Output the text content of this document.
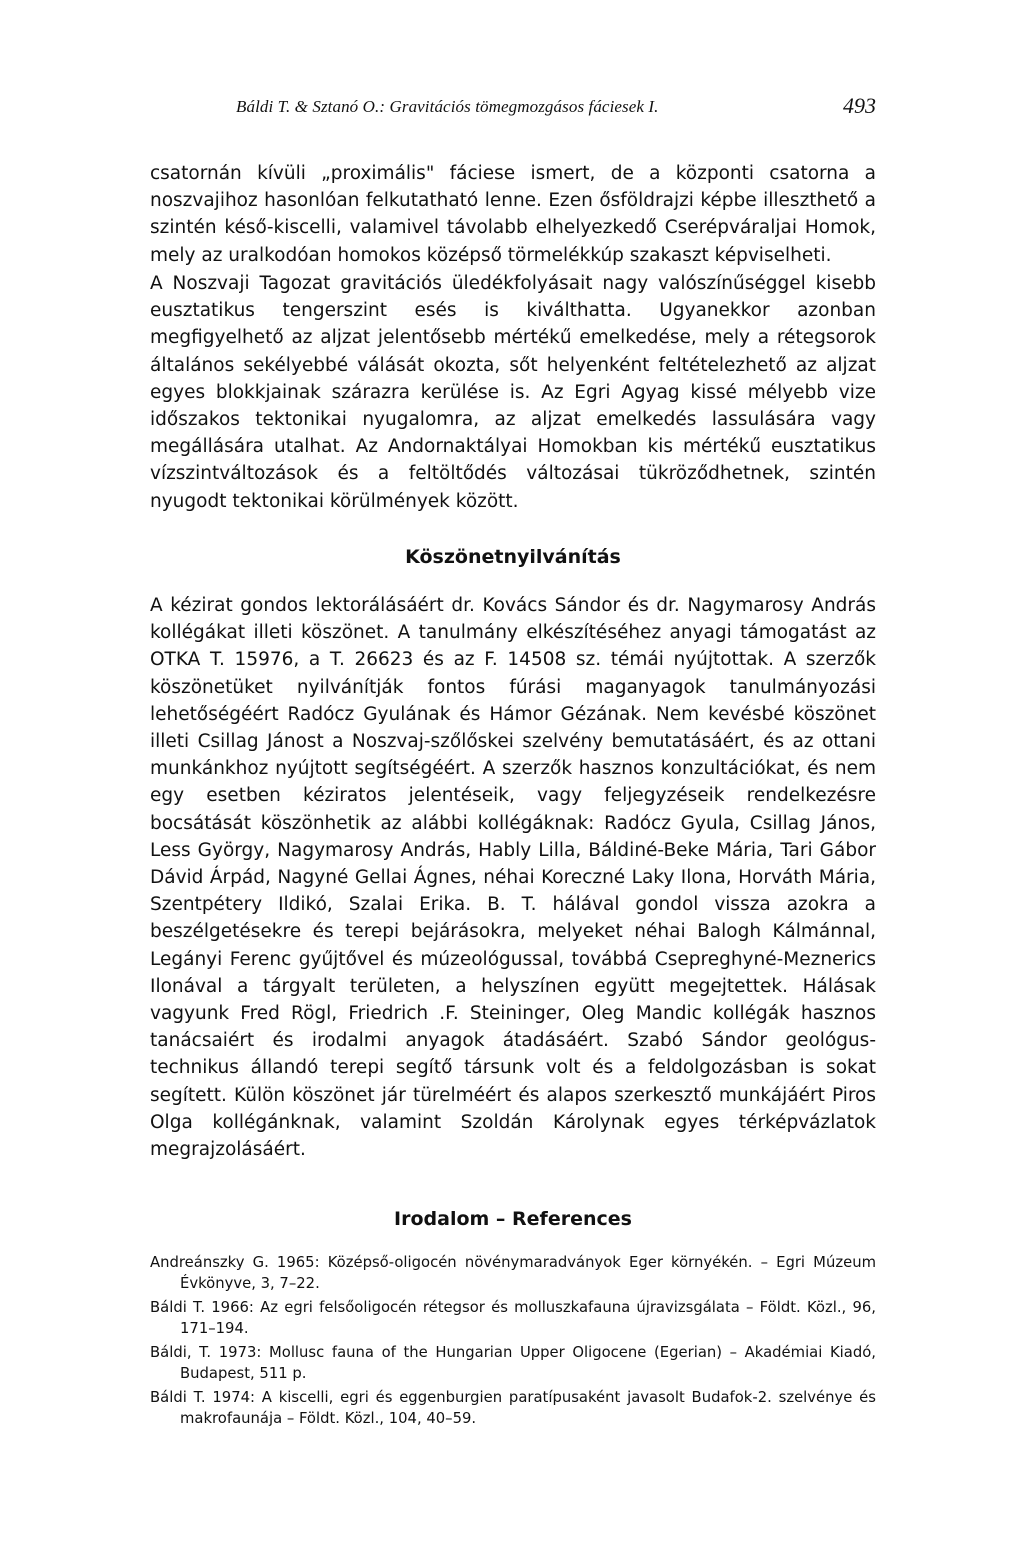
Báldi T. & Sztanó O.: Gravitációs tömegmozgásos fáciesek I.	493

csatornán kívüli „proximális" fáciese ismert, de a központi csatorna a noszvajihoz hasonlóan felkutatható lenne. Ezen ősföldrajzi képbe illeszthető a szintén késő-kiscelli, valamivel távolabb elhelyezkedő Cserépváraljai Homok, mely az uralkodóan homokos középső törmelékkúp szakaszt képviselheti.

A Noszvaji Tagozat gravitációs üledékfolyásait nagy valószínűséggel kisebb eusztatikus tengerszint esés is kiválthatta. Ugyanekkor azonban megfigyelhető az aljzat jelentősebb mértékű emelkedése, mely a rétegsorok általános sekélyebbé válását okozta, sőt helyenként feltételezhető az aljzat egyes blokkjainak szárazra kerülése is. Az Egri Agyag kissé mélyebb vize időszakos tektonikai nyugalomra, az aljzat emelkedés lassulására vagy megállására utalhat. Az Andornaktályai Homokban kis mértékű eusztatikus vízszintváltozások és a feltöltődés változásai tükröződhetnek, szintén nyugodt tektonikai körülmények között.

Köszönetnyilvánítás

A kézirat gondos lektorálásáért dr. Kovács Sándor és dr. Nagymarosy András kollégákat illeti köszönet. A tanulmány elkészítéséhez anyagi támogatást az OTKA T. 15976, a T. 26623 és az F. 14508 sz. témái nyújtottak. A szerzők köszönetüket nyilvánítják fontos fúrási maganyagok tanulmányozási lehetőségéért Radócz Gyulának és Hámor Gézának. Nem kevésbé köszönet illeti Csillag Jánost a Noszvaj-szőlőskei szelvény bemutatásáért, és az ottani munkánkhoz nyújtott segítségéért. A szerzők hasznos konzultációkat, és nem egy esetben kéziratos jelentéseik, vagy feljegyzéseik rendelkezésre bocsátását köszönhetik az alábbi kollégáknak: Radócz Gyula, Csillag János, Less György, Nagymarosy András, Hably Lilla, Báldiné-Beke Mária, Tari Gábor Dávid Árpád, Nagyné Gellai Ágnes, néhai Koreczné Laky Ilona, Horváth Mária, Szentpétery Ildikó, Szalai Erika. B. T. hálával gondol vissza azokra a beszélgetésekre és terepi bejárásokra, melyeket néhai Balogh Kálmánnal, Legányi Ferenc gyűjtővel és múzeológussal, továbbá Csepreghyné-Meznerics Ilonával a tárgyalt területen, a helyszínen együtt megejtettek. Hálásak vagyunk Fred Rögl, Friedrich .F. Steininger, Oleg Mandic kollégák hasznos tanácsaiért és irodalmi anyagok átadásáért. Szabó Sándor geológus-technikus állandó terepi segítő társunk volt és a feldolgozásban is sokat segített. Külön köszönet jár türelméért és alapos szerkesztő munkájáért Piros Olga kollégánknak, valamint Szoldán Károlynak egyes térképvázlatok megrajzolásáért.

Irodalom – References
Andreánszky G. 1965: Középső-oligocén növénymaradványok Eger környékén. – Egri Múzeum Évkönyve, 3, 7–22.
Báldi T. 1966: Az egri felsőoligocén rétegsor és molluszkafauna újravizsgálata – Földt. Közl., 96, 171–194.
Báldi, T. 1973: Mollusc fauna of the Hungarian Upper Oligocene (Egerian) – Akadémiai Kiadó, Budapest, 511 p.
Báldi T. 1974: A kiscelli, egri és eggenburgien paratípusaként javasolt Budafok-2. szelvénye és makrofaunája – Földt. Közl., 104, 40–59.
